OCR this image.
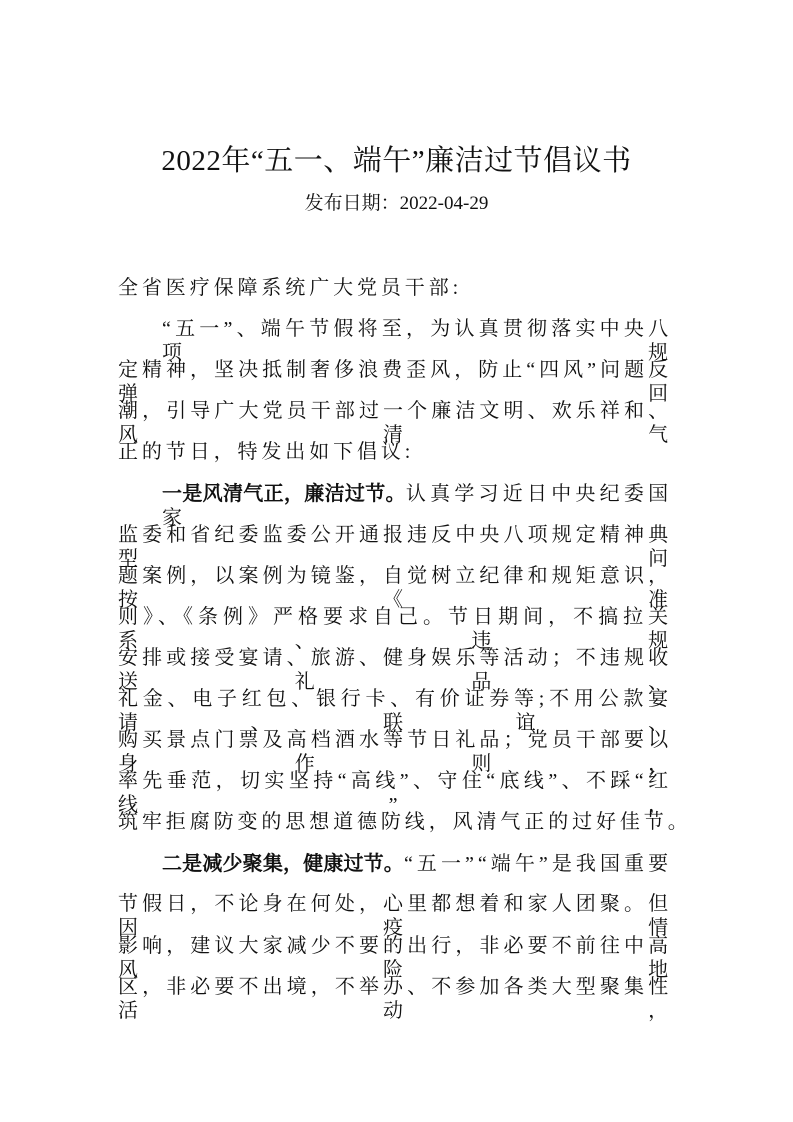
2022年“五一、端午”廉洁过节倡议书
发布日期：2022-04-29
全省医疗保障系统广大党员干部:
“五一”、端午节假将至，为认真贯彻落实中央八项规
定精神，坚决抵制奢侈浪费歪风，防止“四风”问题反弹回
潮，引导广大党员干部过一个廉洁文明、欢乐祥和、风清气
正的节日，特发出如下倡议:
一是风清气正，廉洁过节。认真学习近日中央纪委国家
监委和省纪委监委公开通报违反中央八项规定精神典型问
题案例，以案例为镜鉴，自觉树立纪律和规矩意识，按《准
则》、《条例》严格要求自己。节日期间，不搞拉关系、违规
安排或接受宴请、旅游、健身娱乐等活动；不违规收送礼品、
礼金、电子红包、银行卡、有价证券等;不用公款宴请、联谊、
购买景点门票及高档酒水等节日礼品；党员干部要以身作则，
率先垂范，切实坚持“高线”、守住“底线”、不踩“红线”，
筑牢拒腐防变的思想道德防线，风清气正的过好佳节。
二是减少聚集，健康过节。“五一”“端午”是我国重要
节假日，不论身在何处，心里都想着和家人团聚。但因疫情
影响，建议大家减少不要的出行，非必要不前往中高风险地
区，非必要不出境，不举办、不参加各类大型聚集性活动，
